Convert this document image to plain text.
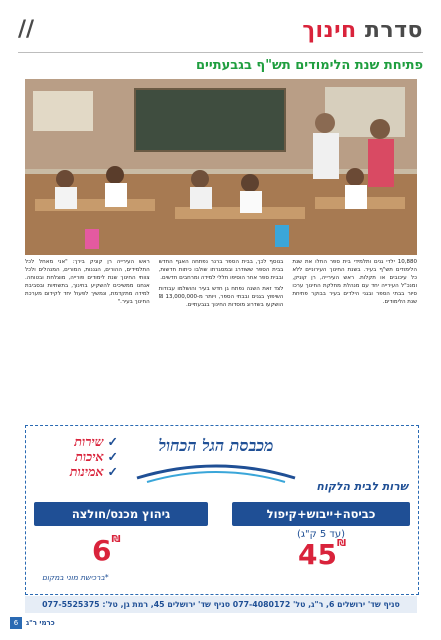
סדרת חינוך
//
פתיחת שנת הלימודים תש"ף בגבעתיים

10,880 ילדי גנים ותלמידי בית ספר החלו את שנת הלימודים תש"ף בעיר. בשנת החינוך העירוניים ללא כל עיכובים או תקלות. ראש העירייה, רן קוניק, ומנכ"ל העירייה יחד עם מנהלת מחלקת החינוך ערכו סיור בבתי הספר ובגני הילדים בעיר בבוקר פתיחת שנת הלימודים.

בנוסף לכך, בבית הספר ברנר נפתחה האגף החדש בבית הספר ששודרג ובמסגרתו שולבו כיתות חדשות, ובבית ספר אחר הוסיפו חללי למידה ומרחבים חדשים.

לצד זאת השנה נפתח גן חדש בעיר והושלמו עבודות השיפוץ בגנים ובבתי הספר, ויותר מ-13,000,000 ₪ הושקעו בשדרוג מוסדות החינוך בגבעתיים.

ראש העירייה רן קוניק בירך: "אני מאחל לכל התלמידים, ההורים, הגננות, המורים, המנהלים ולכל צוותי החינוך שנת לימודים פורייה, מוצלחת ובטוחה. אנחנו ממשיכים להשקיע בחינוך, בתשתיות ובסביבת למידה מתקדמת, ונמשיך לפעול יחד לקידום מערכת החינוך בעיר."

✓שירות
✓איכות
✓אמינות
מכבסת הגל הכחול
שרות לבית הלקוח
כביסה+ייבוש+קיפול
(עד 5 ק"ג)
45₪
גיהוץ מכנס/חולצה
6₪
*ברכישת מוני במקום
סניף שד' ירושלים 6, ר"ג, טל' 077-4080172 סניף שד' ירושלים 45, רמת גן, טל': 077-5525375
6	כרמי ר"ג
